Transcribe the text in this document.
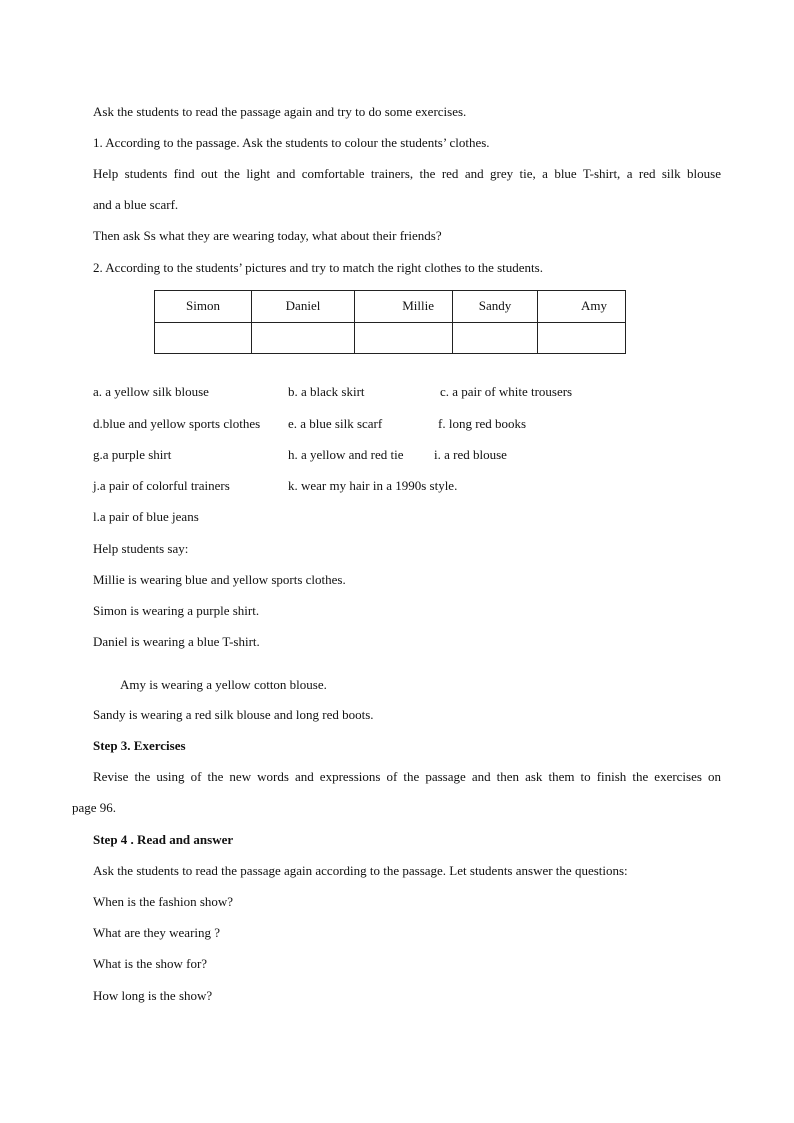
Ask the students to read the passage again and try to do some exercises.
1. According to the passage. Ask the students to colour the students’ clothes.
Help students find out the light and comfortable trainers, the red and grey tie, a blue T-shirt, a red silk blouse
and a blue scarf.
Then ask Ss what they are wearing today, what about their friends?
2. According to the students’ pictures and try to match the right clothes to the students.
Simon	Daniel	Millie	Sandy	Amy

a. a yellow silk blouse	b. a black skirt	c. a pair of white trousers
d.blue and yellow sports clothes e. a blue silk scarf	f. long red books
g.a purple shirt	h. a yellow and red tie i. a red blouse
j.a pair of colorful trainers	k. wear my hair in a 1990s style.
l.a pair of blue jeans
Help students say:
Millie is wearing blue and yellow sports clothes.
Simon is wearing a purple shirt.
Daniel is wearing a blue T-shirt.
Amy is wearing a yellow cotton blouse.
Sandy is wearing a red silk blouse and long red boots.
Step 3. Exercises
Revise the using of the new words and expressions of the passage and then ask them to finish the exercises on
page 96.
Step 4 . Read and answer
Ask the students to read the passage again according to the passage. Let students answer the questions:
When is the fashion show?
What are they wearing ?
What is the show for?
How long is the show?
